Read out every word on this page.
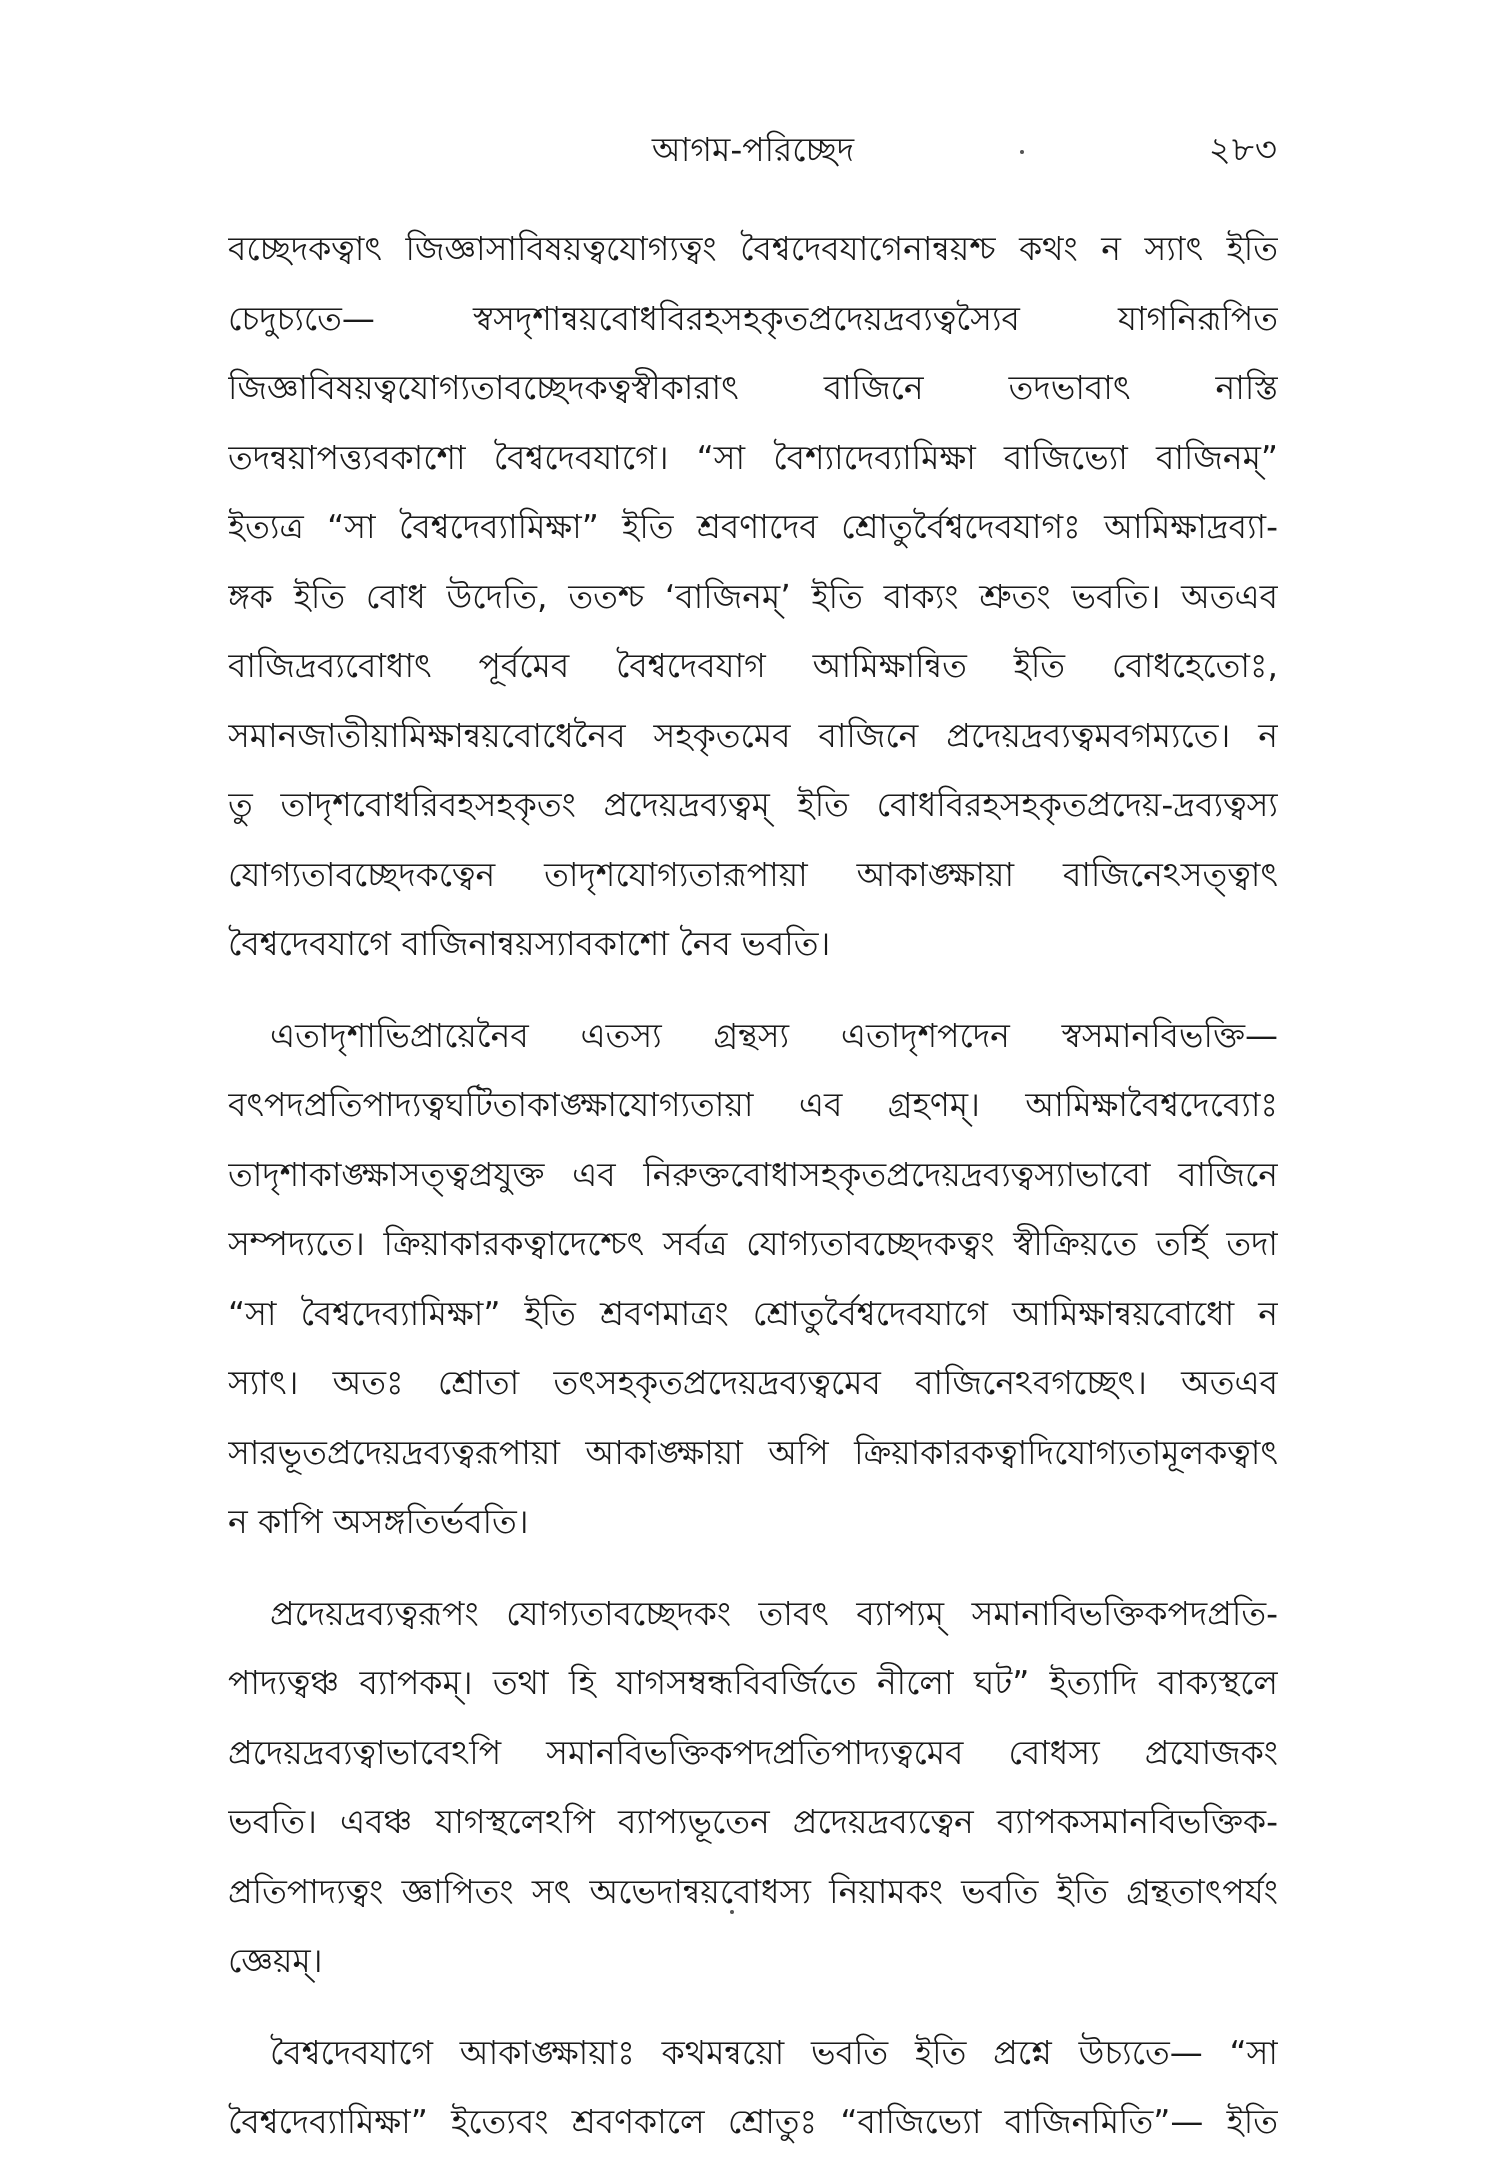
আগম-পরিচ্ছেদ	২৮৩
বচ্ছেদকত্বাৎ জিজ্ঞাসাবিষয়ত্বযোগ্যত্বং বৈশ্বদেবযাগেনান্বয়শ্চ কথং ন স্যাৎ ইতি
চেদুচ্যতে— স্বসদৃশান্বয়বোধবিরহসহকৃতপ্রদেয়দ্রব্যত্বস্যৈব যাগনিরূপিত
জিজ্ঞাবিষয়ত্বযোগ্যতাবচ্ছেদকত্বস্বীকারাৎ বাজিনে তদভাবাৎ নাস্তি
তদন্বয়াপত্ত্যবকাশো বৈশ্বদেবযাগে। “সা বৈশ্যাদেব্যামিক্ষা বাজিভ্যো বাজিনম্”
ইত্যত্র “সা বৈশ্বদেব্যামিক্ষা” ইতি শ্রবণাদেব শ্রোতুর্বৈশ্বদেবযাগঃ আমিক্ষাদ্রব্যা-
ঙ্গক ইতি বোধ উদেতি, ততশ্চ ‘বাজিনম্’ ইতি বাক্যং শ্রুতং ভবতি। অতএব
বাজিদ্রব্যবোধাৎ পূর্বমেব বৈশ্বদেবযাগ আমিক্ষান্বিত ইতি বোধহেতোঃ,
সমানজাতীয়ামিক্ষান্বয়বোধেনৈব সহকৃতমেব বাজিনে প্রদেয়দ্রব্যত্বমবগম্যতে। ন
তু তাদৃশবোধরিবহসহকৃতং প্রদেয়দ্রব্যত্বম্ ইতি বোধবিরহসহকৃতপ্রদেয়-দ্রব্যত্বস্য
যোগ্যতাবচ্ছেদকত্বেন তাদৃশযোগ্যতারূপায়া আকাঙ্ক্ষায়া বাজিনেঽসত্ত্বাৎ
বৈশ্বদেবযাগে বাজিনান্বয়স্যাবকাশো নৈব ভবতি।
এতাদৃশাভিপ্রায়েনৈব এতস্য গ্রন্থস্য এতাদৃশপদেন স্বসমানবিভক্তি—
বৎপদপ্রতিপাদ্যত্বঘটিতাকাঙ্ক্ষাযোগ্যতায়া এব গ্রহণম্। আমিক্ষাবৈশ্বদেব্যোঃ
তাদৃশাকাঙ্ক্ষাসত্ত্বপ্রযুক্ত এব নিরুক্তবোধাসহকৃতপ্রদেয়দ্রব্যত্বস্যাভাবো বাজিনে
সম্পদ্যতে। ক্রিয়াকারকত্বাদেশ্চেৎ সর্বত্র যোগ্যতাবচ্ছেদকত্বং স্বীক্রিয়তে তর্হি তদা
“সা বৈশ্বদেব্যামিক্ষা” ইতি শ্রবণমাত্রং শ্রোতুর্বৈশ্বদেবযাগে আমিক্ষান্বয়বোধো ন
স্যাৎ। অতঃ শ্রোতা তৎসহকৃতপ্রদেয়দ্রব্যত্বমেব বাজিনেঽবগচ্ছেৎ। অতএব
সারভূতপ্রদেয়দ্রব্যত্বরূপায়া আকাঙ্ক্ষায়া অপি ক্রিয়াকারকত্বাদিযোগ্যতামূলকত্বাৎ
ন কাপি অসঙ্গতির্ভবতি।
প্রদেয়দ্রব্যত্বরূপং যোগ্যতাবচ্ছেদকং তাবৎ ব্যাপ্যম্ সমানাবিভক্তিকপদপ্রতি-
পাদ্যত্বঞ্চ ব্যাপকম্। তথা হি যাগসম্বন্ধবিবর্জিতে নীলো ঘট” ইত্যাদি বাক্যস্থলে
প্রদেয়দ্রব্যত্বাভাবেঽপি সমানবিভক্তিকপদপ্রতিপাদ্যত্বমেব বোধস্য প্রযোজকং
ভবতি। এবঞ্চ যাগস্থলেঽপি ব্যাপ্যভূতেন প্রদেয়দ্রব্যত্বেন ব্যাপকসমানবিভক্তিক-
প্রতিপাদ্যত্বং জ্ঞাপিতং সৎ অভেদান্বয়বোধস্য নিয়ামকং ভবতি ইতি গ্রন্থতাৎপর্যং
জ্ঞেয়ম্।
বৈশ্বদেবযাগে আকাঙ্ক্ষায়াঃ কথমন্বয়ো ভবতি ইতি প্রশ্নে উচ্যতে— “সা
বৈশ্বদেব্যামিক্ষা” ইত্যেবং শ্রবণকালে শ্রোতুঃ “বাজিভ্যো বাজিনমিতি”— ইতি
